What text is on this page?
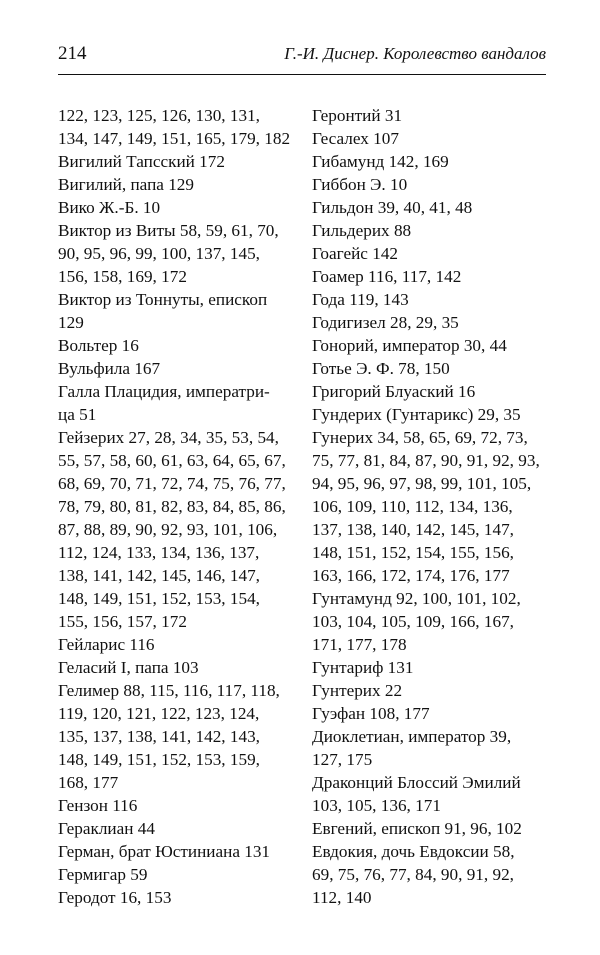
214	Г.-И. Диснер. Королевство вандалов
122, 123, 125, 126, 130, 131,
134, 147, 149, 151, 165, 179, 182
Вигилий Тапсский 172
Вигилий, папа 129
Вико Ж.-Б. 10
Виктор из Виты 58, 59, 61, 70,
90, 95, 96, 99, 100, 137, 145,
156, 158, 169, 172
Виктор из Тоннуты, епископ
129
Вольтер 16
Вульфила 167
Галла Плацидия, императри-
ца 51
Гейзерих 27, 28, 34, 35, 53, 54,
55, 57, 58, 60, 61, 63, 64, 65, 67,
68, 69, 70, 71, 72, 74, 75, 76, 77,
78, 79, 80, 81, 82, 83, 84, 85, 86,
87, 88, 89, 90, 92, 93, 101, 106,
112, 124, 133, 134, 136, 137,
138, 141, 142, 145, 146, 147,
148, 149, 151, 152, 153, 154,
155, 156, 157, 172
Гейларис 116
Геласий I, папа 103
Гелимер 88, 115, 116, 117, 118,
119, 120, 121, 122, 123, 124,
135, 137, 138, 141, 142, 143,
148, 149, 151, 152, 153, 159,
168, 177
Гензон 116
Гераклиан 44
Герман, брат Юстиниана 131
Гермигар 59
Геродот 16, 153
Геронтий 31
Гесалех 107
Гибамунд 142, 169
Гиббон Э. 10
Гильдон 39, 40, 41, 48
Гильдерих 88
Гоагейс 142
Гоамер 116, 117, 142
Года 119, 143
Годигизел 28, 29, 35
Гонорий, император 30, 44
Готье Э. Ф. 78, 150
Григорий Блуаский 16
Гундерих (Гунтарикс) 29, 35
Гунерих 34, 58, 65, 69, 72, 73,
75, 77, 81, 84, 87, 90, 91, 92, 93,
94, 95, 96, 97, 98, 99, 101, 105,
106, 109, 110, 112, 134, 136,
137, 138, 140, 142, 145, 147,
148, 151, 152, 154, 155, 156,
163, 166, 172, 174, 176, 177
Гунтамунд 92, 100, 101, 102,
103, 104, 105, 109, 166, 167,
171, 177, 178
Гунтариф 131
Гунтерих 22
Гуэфан 108, 177
Диоклетиан, император 39,
127, 175
Драконций Блоссий Эмилий
103, 105, 136, 171
Евгений, епископ 91, 96, 102
Евдокия, дочь Евдоксии 58,
69, 75, 76, 77, 84, 90, 91, 92,
112, 140
